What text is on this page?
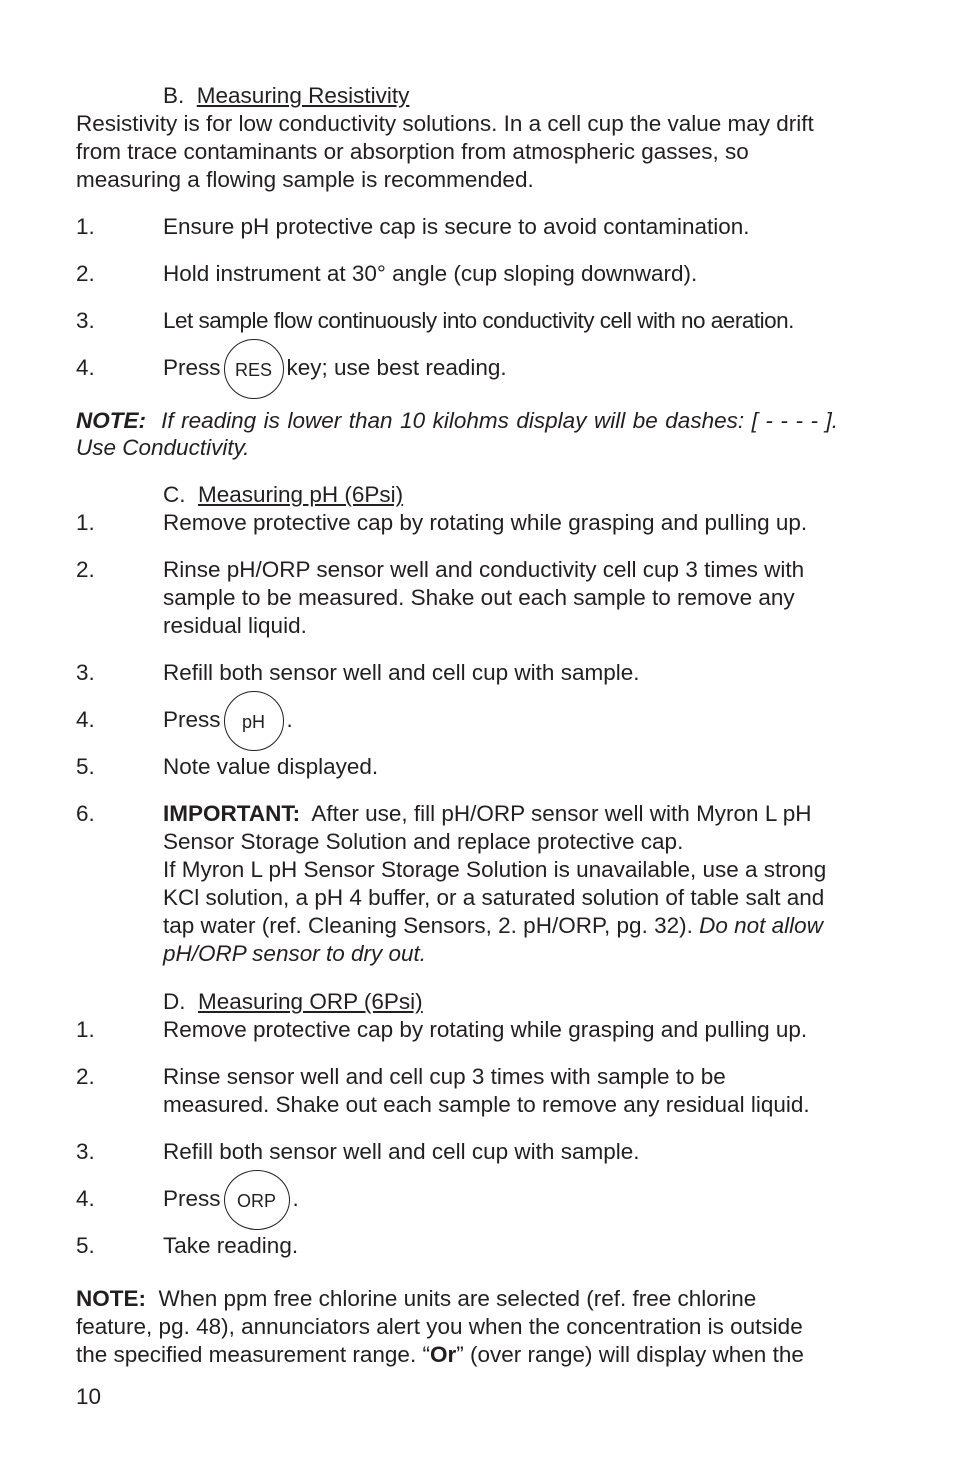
B. Measuring Resistivity

Resistivity is for low conductivity solutions. In a cell cup the value may drift from trace contaminants or absorption from atmospheric gasses, so measuring a flowing sample is recommended.

1.	Ensure pH protective cap is secure to avoid contamination.
2.	Hold instrument at 30° angle (cup sloping downward).
3.	Let sample flow continuously into conductivity cell with no aeration.
4.	Press RES key; use best reading.

NOTE: If reading is lower than 10 kilohms display will be dashes: [ - - - - ]. Use Conductivity.

C. Measuring pH (6Psi)
1.	Remove protective cap by rotating while grasping and pulling up.
2.	Rinse pH/ORP sensor well and conductivity cell cup 3 times with sample to be measured. Shake out each sample to remove any residual liquid.
3.	Refill both sensor well and cell cup with sample.
4.	Press pH .
5.	Note value displayed.
6.	IMPORTANT: After use, fill pH/ORP sensor well with Myron L pH Sensor Storage Solution and replace protective cap.
If Myron L pH Sensor Storage Solution is unavailable, use a strong KCl solution, a pH 4 buffer, or a saturated solution of table salt and tap water (ref. Cleaning Sensors, 2. pH/ORP, pg. 32). Do not allow pH/ORP sensor to dry out.
D. Measuring ORP (6Psi)
1.	Remove protective cap by rotating while grasping and pulling up.
2.	Rinse sensor well and cell cup 3 times with sample to be measured. Shake out each sample to remove any residual liquid.
3.	Refill both sensor well and cell cup with sample.
4.	Press ORP .
5.	Take reading.

NOTE: When ppm free chlorine units are selected (ref. free chlorine feature, pg. 48), annunciators alert you when the concentration is outside the specified measurement range. “Or” (over range) will display when the

10
